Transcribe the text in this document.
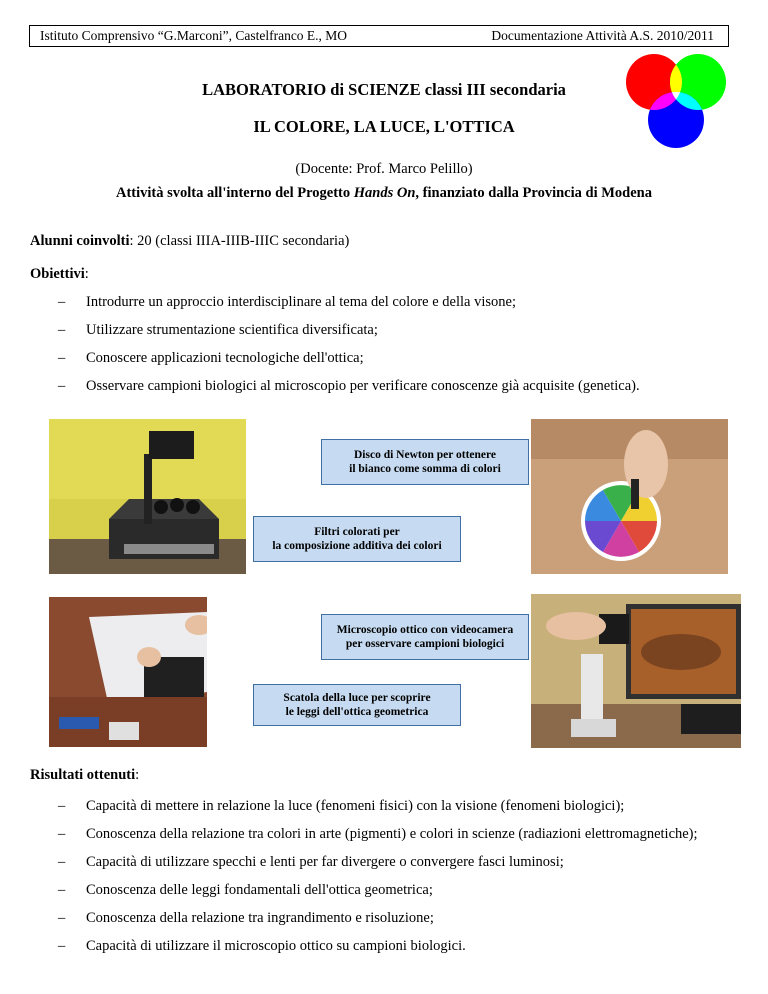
Istituto Comprensivo “G.Marconi”, Castelfranco E., MO	Documentazione Attività A.S. 2010/2011
LABORATORIO di SCIENZE classi III secondaria
IL COLORE, LA LUCE, L'OTTICA
(Docente: Prof. Marco Pelillo)
Attività svolta all'interno del Progetto Hands On, finanziato dalla Provincia di Modena
Alunni coinvolti: 20 (classi IIIA-IIIB-IIIC secondaria)
Obiettivi:
–	Introdurre un approccio interdisciplinare al tema del colore e della visone;
–	Utilizzare strumentazione scientifica diversificata;
–	Conoscere applicazioni tecnologiche dell'ottica;
–	Osservare campioni biologici al microscopio per verificare conoscenze già acquisite (genetica).
Disco di Newton per ottenere
il bianco come somma di colori
Filtri colorati per
la composizione additiva dei colori
Microscopio ottico con videocamera
per osservare campioni biologici
Scatola della luce per scoprire
le leggi dell'ottica geometrica
Risultati ottenuti:
–	Capacità di mettere in relazione la luce (fenomeni fisici) con la visione (fenomeni biologici);
–	Conoscenza della relazione tra colori in arte (pigmenti) e colori in scienze (radiazioni elettromagnetiche);
–	Capacità di utilizzare specchi e lenti per far divergere o convergere fasci luminosi;
–	Conoscenza delle leggi fondamentali dell'ottica geometrica;
–	Conoscenza della relazione tra ingrandimento e risoluzione;
–	Capacità di utilizzare il microscopio ottico su campioni biologici.
